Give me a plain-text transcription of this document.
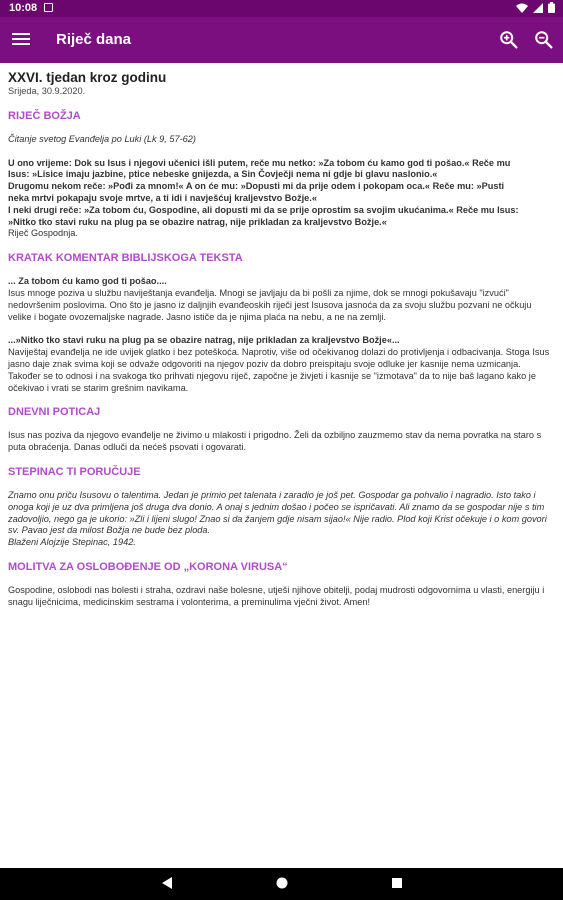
10:08
Riječ dana

XXVI. tjedan kroz godinu

Srijeda, 30.9.2020.

RIJEČ BOŽJA

Čitanje svetog Evanđelja po Luki (Lk 9, 57-62)

U ono vrijeme: Dok su Isus i njegovi učenici išli putem, reče mu netko: »Za tobom ću kamo god ti pošao.« Reče mu

Isus: »Lisice imaju jazbine, ptice nebeske gnijezda, a Sin Čovječji nema ni gdje bi glavu naslonio.«

Drugomu nekom reče: »Pođi za mnom!« A on će mu: »Dopusti mi da prije odem i pokopam oca.« Reče mu: »Pusti

neka mrtvi pokapaju svoje mrtve, a ti idi i navješćuj kraljevstvo Božje.«

I neki drugi reče: »Za tobom ću, Gospodine, ali dopusti mi da se prije oprostim sa svojim ukućanima.« Reče mu Isus:

»Nitko tko stavi ruku na plug pa se obazire natrag, nije prikladan za kraljevstvo Božje.«

Riječ Gospodnja.

KRATAK KOMENTAR BIBLIJSKOGA TEKSTA

... Za tobom ću kamo god ti pošao....

Isus mnoge poziva u službu naviještanja evanđelja. Mnogi se javljaju da bi pošli za njime, dok se mnogi pokušavaju "izvući" nedovršenim poslovima. Ono što je jasno iz daljnjih evanđeoskih riječi jest Isusova jasnoća da za svoju službu pozvani ne očkuju velike i bogate ovozemaljske nagrade. Jasno ističe da je njima plaća na nebu, a ne na zemlji.

...»Nitko tko stavi ruku na plug pa se obazire natrag, nije prikladan za kraljevstvo Božje«...

Naviještaj evanđelja ne ide uvijek glatko i bez poteškoća. Naprotiv, više od očekivanog dolazi do protivljenja i odbacivanja. Stoga Isus jasno daje znak svima koji se odvaže odgovoriti na njegov poziv da dobro preispitaju svoje odluke jer kasnije nema uzmicanja. Također se to odnosi i na svakoga tko prihvati njegovu riječ, započne je živjeti i kasnije se "izmotava" da to nije baš lagano kako je očekivao i vrati se starim grešnim navikama.

DNEVNI POTICAJ

Isus nas poziva da njegovo evanđelje ne živimo u mlakosti i prigodno. Želi da ozbiljno zauzmemo stav da nema povratka na staro s puta obraćenja. Danas odluči da nećeš psovati i ogovarati.

STEPINAC TI PORUČUJE

Znamo onu priču Isusovu o talentima. Jedan je primio pet talenata i zaradio je još pet. Gospodar ga pohvalio i nagradio. Isto tako i onoga koji je uz dva primljena još druga dva donio. A onaj s jednim došao i počeo se ispričavati. Ali znamo da se gospodar nije s tim zadovoljio, nego ga je ukorio: »Zli i lijeni slugo! Znao si da žanjem gdje nisam sijao!« Nije radio. Plod koji Krist očekuje i o kom govori sv. Pavao jest da milost Božja ne bude bez ploda.

Blaženi Alojzije Stepinac, 1942.

MOLITVA ZA OSLOBOĐENJE OD „KORONA VIRUSA“

Gospodine, oslobodi nas bolesti i straha, ozdravi naše bolesne, utješi njihove obitelji, podaj mudrosti odgovornima u vlasti, energiju i snagu liječnicima, medicinskim sestrama i volonterima, a preminulima vječni život. Amen!
